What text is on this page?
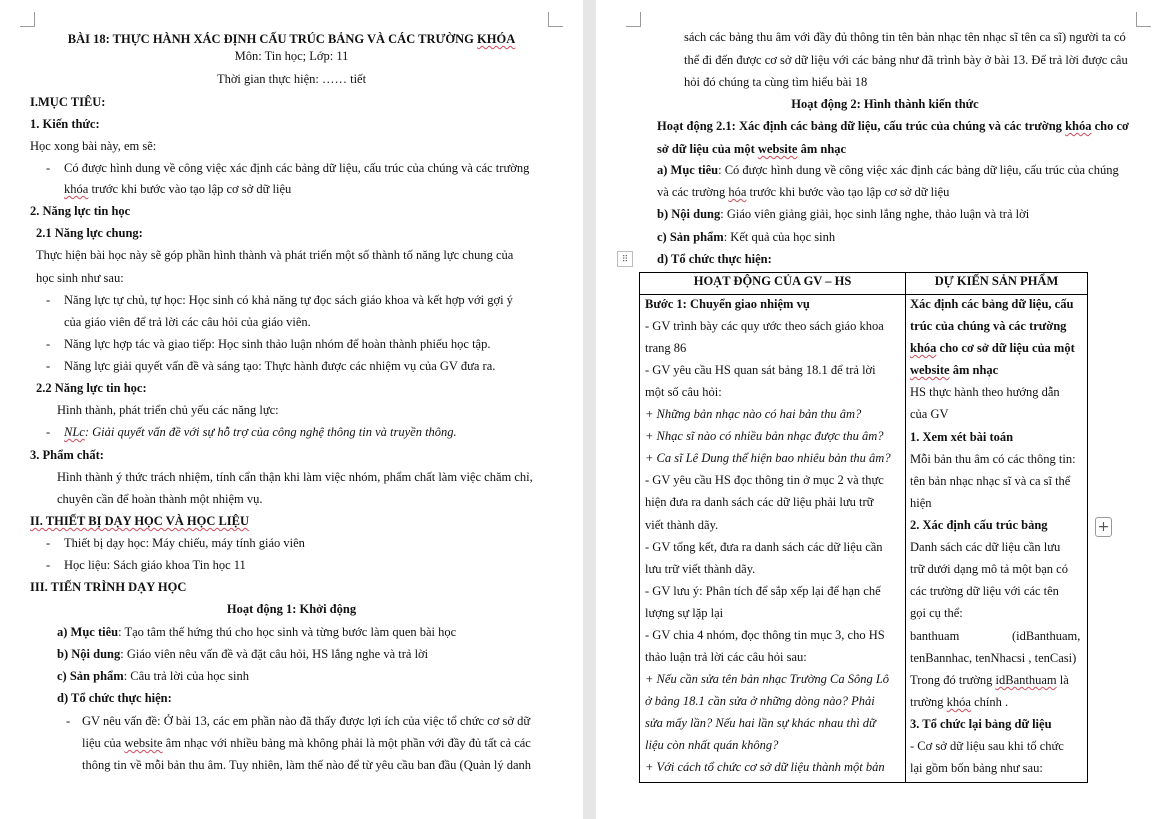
BÀI 18: THỰC HÀNH XÁC ĐỊNH CẤU TRÚC BẢNG VÀ CÁC TRƯỜNG KHÓA
Môn: Tin học; Lớp: 11
Thời gian thực hiện: …… tiết
I.MỤC TIÊU:
1. Kiến thức:
Học xong bài này, em sẽ:
- Có được hình dung về công việc xác định các bảng dữ liệu, cấu trúc của chúng và các trường
khóa trước khi bước vào tạo lập cơ sở dữ liệu
2. Năng lực tin học
2.1 Năng lực chung:
Thực hiện bài học này sẽ góp phần hình thành và phát triển một số thành tố năng lực chung của
học sinh như sau:
- Năng lực tự chủ, tự học: Học sinh có khả năng tự đọc sách giáo khoa và kết hợp với gợi ý
của giáo viên để trả lời các câu hỏi của giáo viên.
- Năng lực hợp tác và giao tiếp: Học sinh thảo luận nhóm để hoàn thành phiếu học tập.
- Năng lực giải quyết vấn đề và sáng tạo: Thực hành được các nhiệm vụ của GV đưa ra.
2.2 Năng lực tin học:
Hình thành, phát triển chủ yếu các năng lực:
- NLc: Giải quyết vấn đề với sự hỗ trợ của công nghệ thông tin và truyền thông.
3. Phẩm chất:
Hình thành ý thức trách nhiệm, tính cẩn thận khi làm việc nhóm, phẩm chất làm việc chăm chỉ,
chuyên cần để hoàn thành một nhiệm vụ.
II. THIẾT BỊ DẠY HỌC VÀ HỌC LIỆU
- Thiết bị dạy học: Máy chiếu, máy tính giáo viên
- Học liệu: Sách giáo khoa Tin học 11
III. TIẾN TRÌNH DẠY HỌC
Hoạt động 1: Khởi động
a) Mục tiêu: Tạo tâm thế hứng thú cho học sinh và từng bước làm quen bài học
b) Nội dung: Giáo viên nêu vấn đề và đặt câu hỏi, HS lắng nghe và trả lời
c) Sản phẩm: Câu trả lời của học sinh
d) Tổ chức thực hiện:
- GV nêu vấn đề: Ở bài 13, các em phần nào đã thấy được lợi ích của việc tổ chức cơ sở dữ
liệu của website âm nhạc với nhiều bảng mà không phải là một phần với đầy đủ tất cả các
thông tin về mỗi bản thu âm. Tuy nhiên, làm thế nào để từ yêu cầu ban đầu (Quản lý danh
sách các bảng thu âm với đầy đủ thông tin tên bản nhạc tên nhạc sĩ tên ca sĩ) người ta có
thể đi đến được cơ sở dữ liệu với các bảng như đã trình bày ở bài 13. Để trả lời được câu
hỏi đó chúng ta cùng tìm hiểu bài 18
Hoạt động 2: Hình thành kiến thức
Hoạt động 2.1: Xác định các bảng dữ liệu, cấu trúc của chúng và các trường khóa cho cơ
sở dữ liệu của một website âm nhạc
a) Mục tiêu: Có được hình dung về công việc xác định các bảng dữ liệu, cấu trúc của chúng
và các trường hóa trước khi bước vào tạo lập cơ sở dữ liệu
b) Nội dung: Giáo viên giảng giải, học sinh lắng nghe, thảo luận và trả lời
c) Sản phẩm: Kết quả của học sinh
d) Tổ chức thực hiện:
⠿
+
HOẠT ĐỘNG CỦA GV – HS	DỰ KIẾN SẢN PHẨM
Bước 1: Chuyển giao nhiệm vụ
- GV trình bày các quy ước theo sách giáo khoa
trang 86
- GV yêu cầu HS quan sát bảng 18.1 để trả lời
một số câu hỏi:
+ Những bản nhạc nào có hai bản thu âm?
+ Nhạc sĩ nào có nhiều bản nhạc được thu âm?
+ Ca sĩ Lê Dung thể hiện bao nhiêu bản thu âm?
- GV yêu cầu HS đọc thông tin ở mục 2 và thực
hiện đưa ra danh sách các dữ liệu phải lưu trữ
viết thành dãy.
- GV tổng kết, đưa ra danh sách các dữ liệu cần
lưu trữ viết thành dãy.
- GV lưu ý: Phân tích để sắp xếp lại để hạn chế
lượng sự lặp lại
- GV chia 4 nhóm, đọc thông tin mục 3, cho HS
thảo luận trả lời các câu hỏi sau:
+ Nếu cần sửa tên bản nhạc Trường Ca Sông Lô
ở bảng 18.1 cần sửa ở những dòng nào? Phải
sửa mấy lần? Nếu hai lần sự khác nhau thì dữ
liệu còn nhất quán không?
+ Với cách tổ chức cơ sở dữ liệu thành một bản
Xác định các bảng dữ liệu, cấu
trúc của chúng và các trường
khóa cho cơ sở dữ liệu của một
website âm nhạc
HS thực hành theo hướng dẫn
của GV
1. Xem xét bài toán
Mỗi bản thu âm có các thông tin:
tên bản nhạc nhạc sĩ và ca sĩ thể
hiện
2. Xác định cấu trúc bảng
Danh sách các dữ liệu cần lưu
trữ dưới dạng mô tả một bạn có
các trường dữ liệu với các tên
gọi cụ thể:
banthuam	(idBanthuam,
tenBannhac, tenNhacsi , tenCasi)
Trong đó trường idBanthuam là
trường khóa chính .
3. Tổ chức lại bảng dữ liệu
- Cơ sở dữ liệu sau khi tổ chức
lại gồm bốn bảng như sau:
